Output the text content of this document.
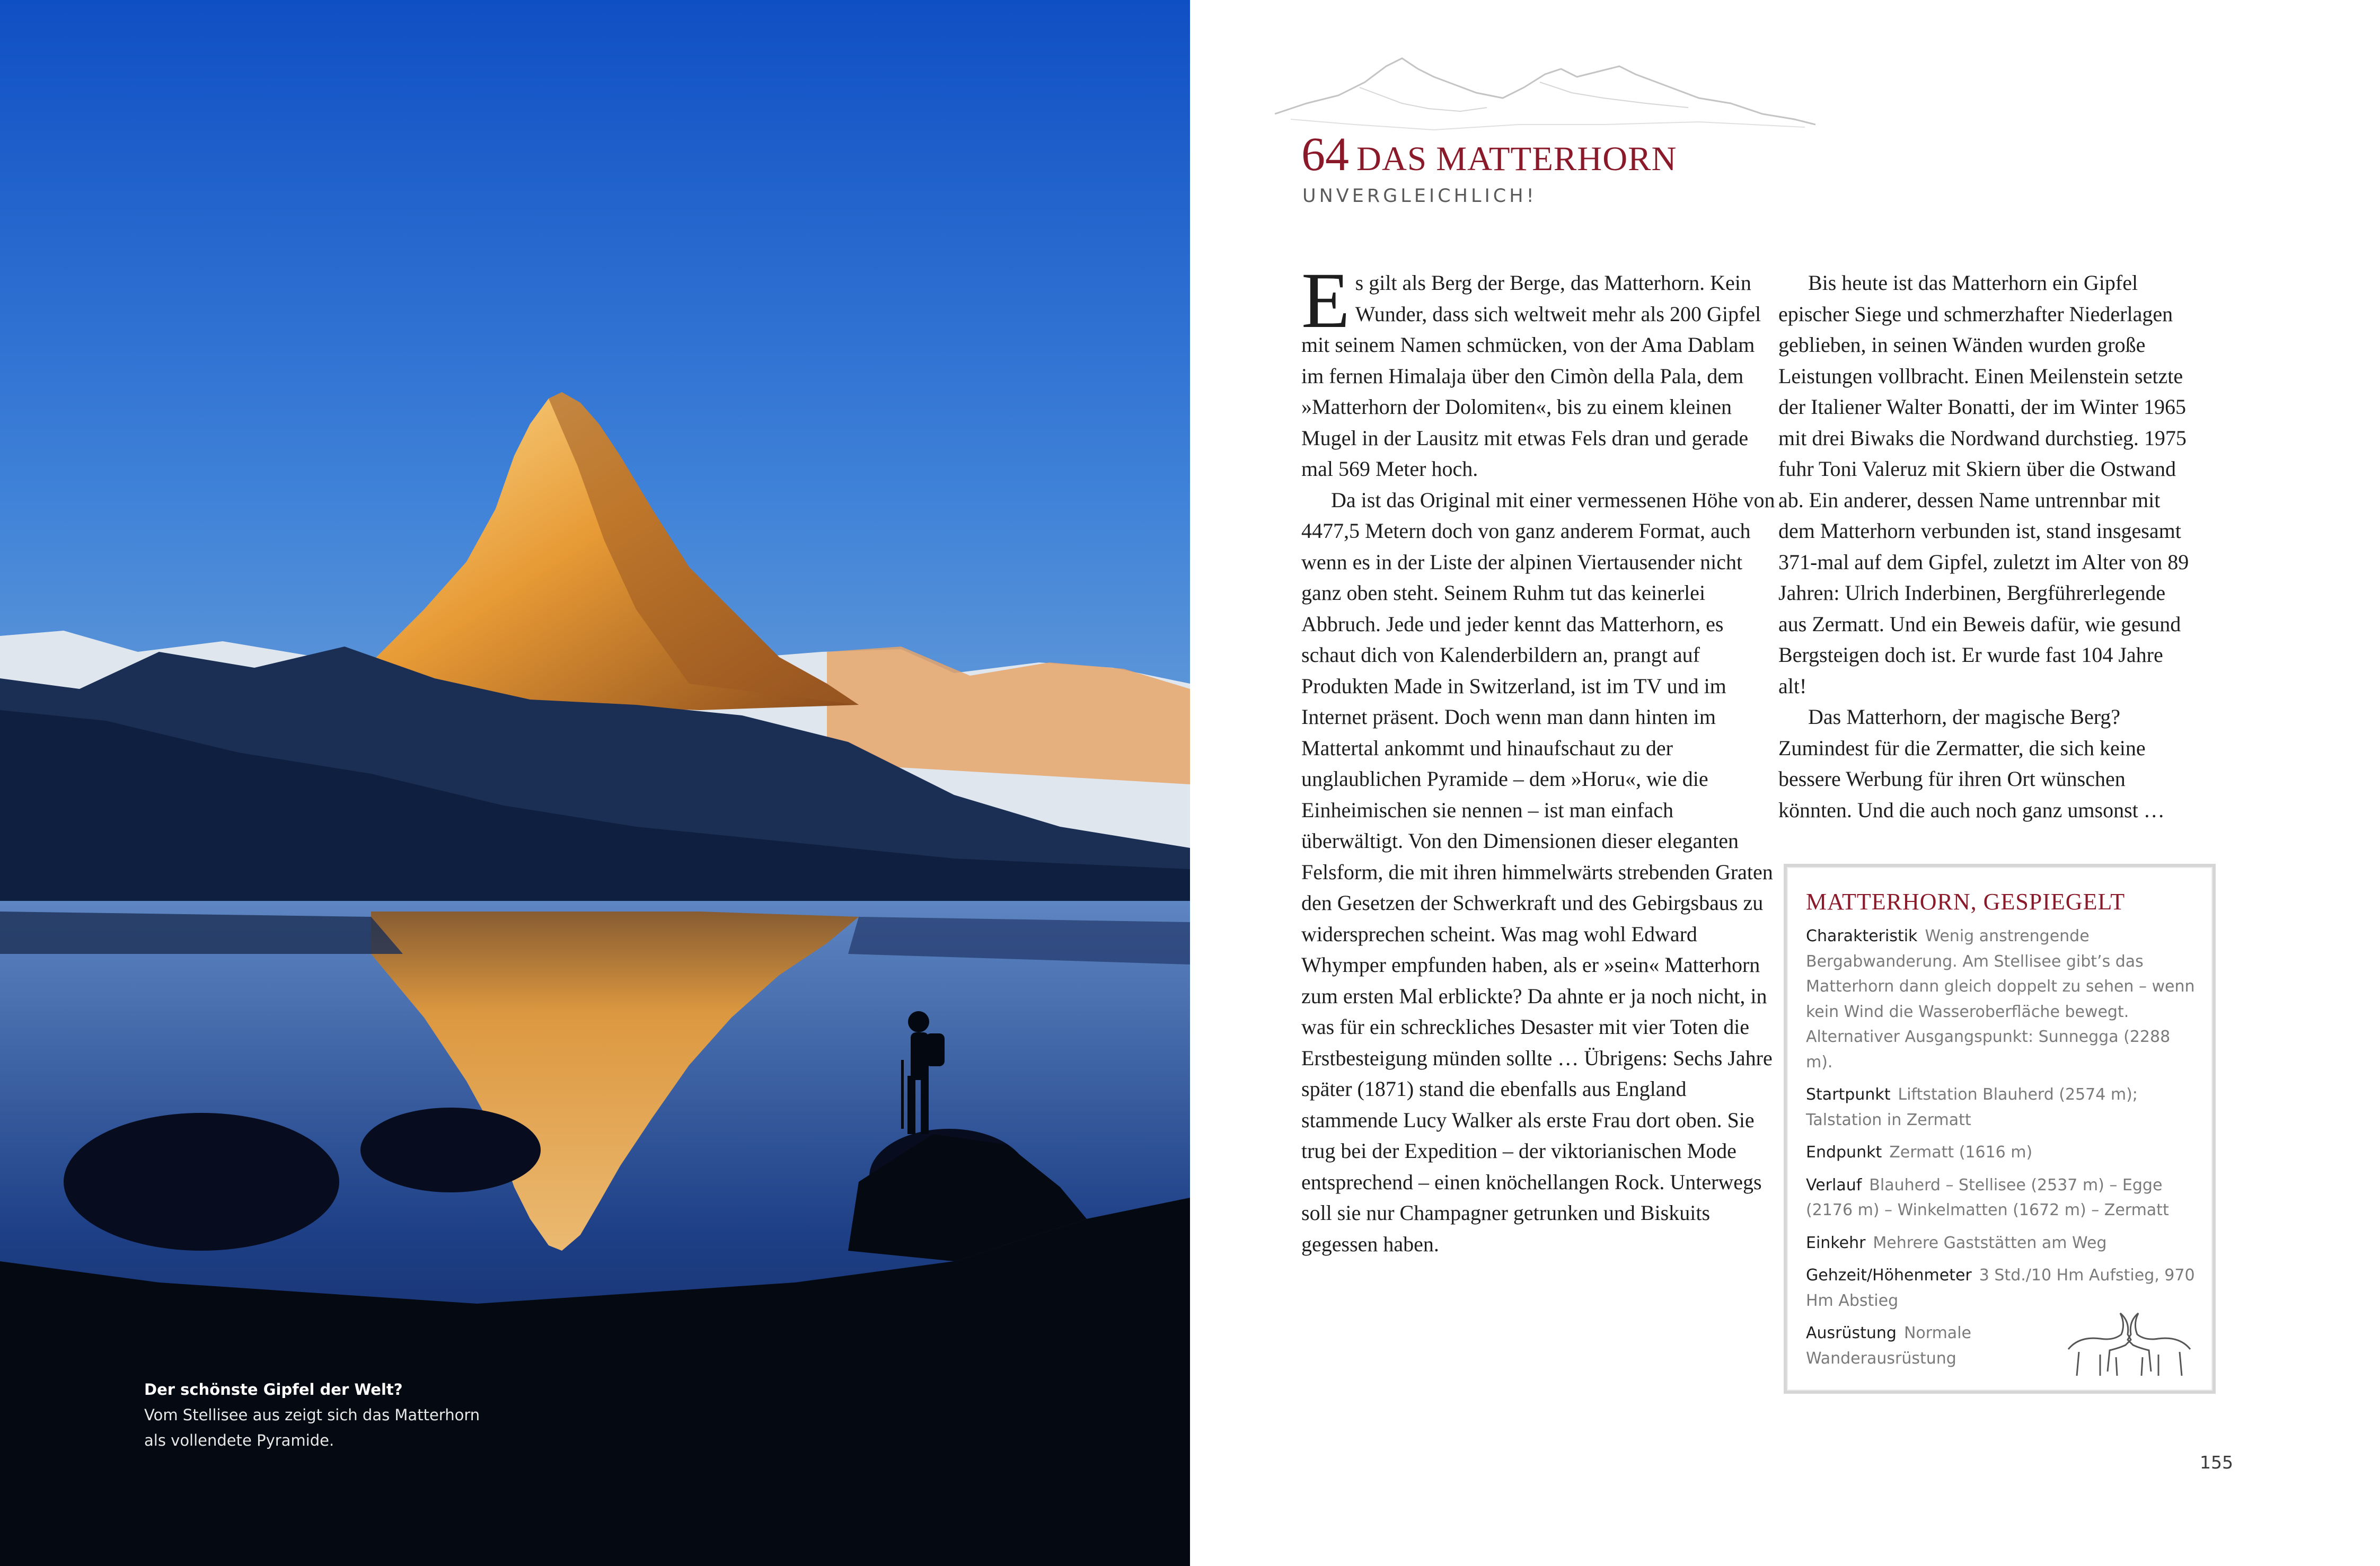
Der schönste Gipfel der Welt?
Vom Stellisee aus zeigt sich das Matterhorn
als vollendete Pyramide.
64 DAS MATTERHORN
UNVERGLEICHLICH!

Es gilt als Berg der Berge, das Matterhorn. Kein Wunder, dass sich weltweit mehr als 200 Gipfel mit seinem Namen schmücken, von der Ama Dablam im fernen Himalaja über den Cimòn della Pala, dem »Matterhorn der Dolomiten«, bis zu einem kleinen Mugel in der Lausitz mit etwas Fels dran und gerade mal 569 Meter hoch.

Da ist das Original mit einer vermessenen Höhe von 4477,5 Metern doch von ganz anderem Format, auch wenn es in der Liste der alpinen Viertausender nicht ganz oben steht. Seinem Ruhm tut das keinerlei Abbruch. Jede und jeder kennt das Matterhorn, es schaut dich von Kalenderbildern an, prangt auf Produkten Made in Switzerland, ist im TV und im Internet präsent. Doch wenn man dann hinten im Mattertal ankommt und hinaufschaut zu der unglaublichen Pyramide – dem »Horu«, wie die Einheimischen sie nennen – ist man einfach überwältigt. Von den Dimensionen dieser eleganten Felsform, die mit ihren himmelwärts strebenden Graten den Gesetzen der Schwerkraft und des Gebirgsbaus zu widersprechen scheint. Was mag wohl Edward Whymper empfunden haben, als er »sein« Matterhorn zum ersten Mal erblickte? Da ahnte er ja noch nicht, in was für ein schreckliches Desaster mit vier Toten die Erstbesteigung münden sollte … Übrigens: Sechs Jahre später (1871) stand die ebenfalls aus England stammende Lucy Walker als erste Frau dort oben. Sie trug bei der Expedition – der viktorianischen Mode entsprechend – einen knöchellangen Rock. Unterwegs soll sie nur Champagner getrunken und Biskuits gegessen haben.

Bis heute ist das Matterhorn ein Gipfel epischer Siege und schmerzhafter Niederlagen geblieben, in seinen Wänden wurden große Leistungen vollbracht. Einen Meilenstein setzte der Italiener Walter Bonatti, der im Winter 1965 mit drei Biwaks die Nordwand durchstieg. 1975 fuhr Toni Valeruz mit Skiern über die Ostwand ab. Ein anderer, dessen Name untrennbar mit dem Matterhorn verbunden ist, stand insgesamt 371-mal auf dem Gipfel, zuletzt im Alter von 89 Jahren: Ulrich Inderbinen, Bergführerlegende aus Zermatt. Und ein Beweis dafür, wie gesund Bergsteigen doch ist. Er wurde fast 104 Jahre alt!

Das Matterhorn, der magische Berg? Zumindest für die Zermatter, die sich keine bessere Werbung für ihren Ort wünschen könnten. Und die auch noch ganz umsonst …

MATTERHORN, GESPIEGELT
Charakteristik Wenig anstrengende Bergabwanderung. Am Stellisee gibt’s das Matterhorn dann gleich doppelt zu sehen – wenn kein Wind die Wasseroberfläche bewegt. Alternativer Ausgangspunkt: Sunnegga (2288 m).
Startpunkt Liftstation Blauherd (2574 m); Talstation in Zermatt
Endpunkt Zermatt (1616 m)
Verlauf Blauherd – Stellisee (2537 m) – Egge (2176 m) – Winkelmatten (1672 m) – Zermatt
Einkehr Mehrere Gaststätten am Weg
Gehzeit/Höhenmeter 3 Std./10 Hm Aufstieg, 970 Hm Abstieg
Ausrüstung Normale Wanderausrüstung
155
